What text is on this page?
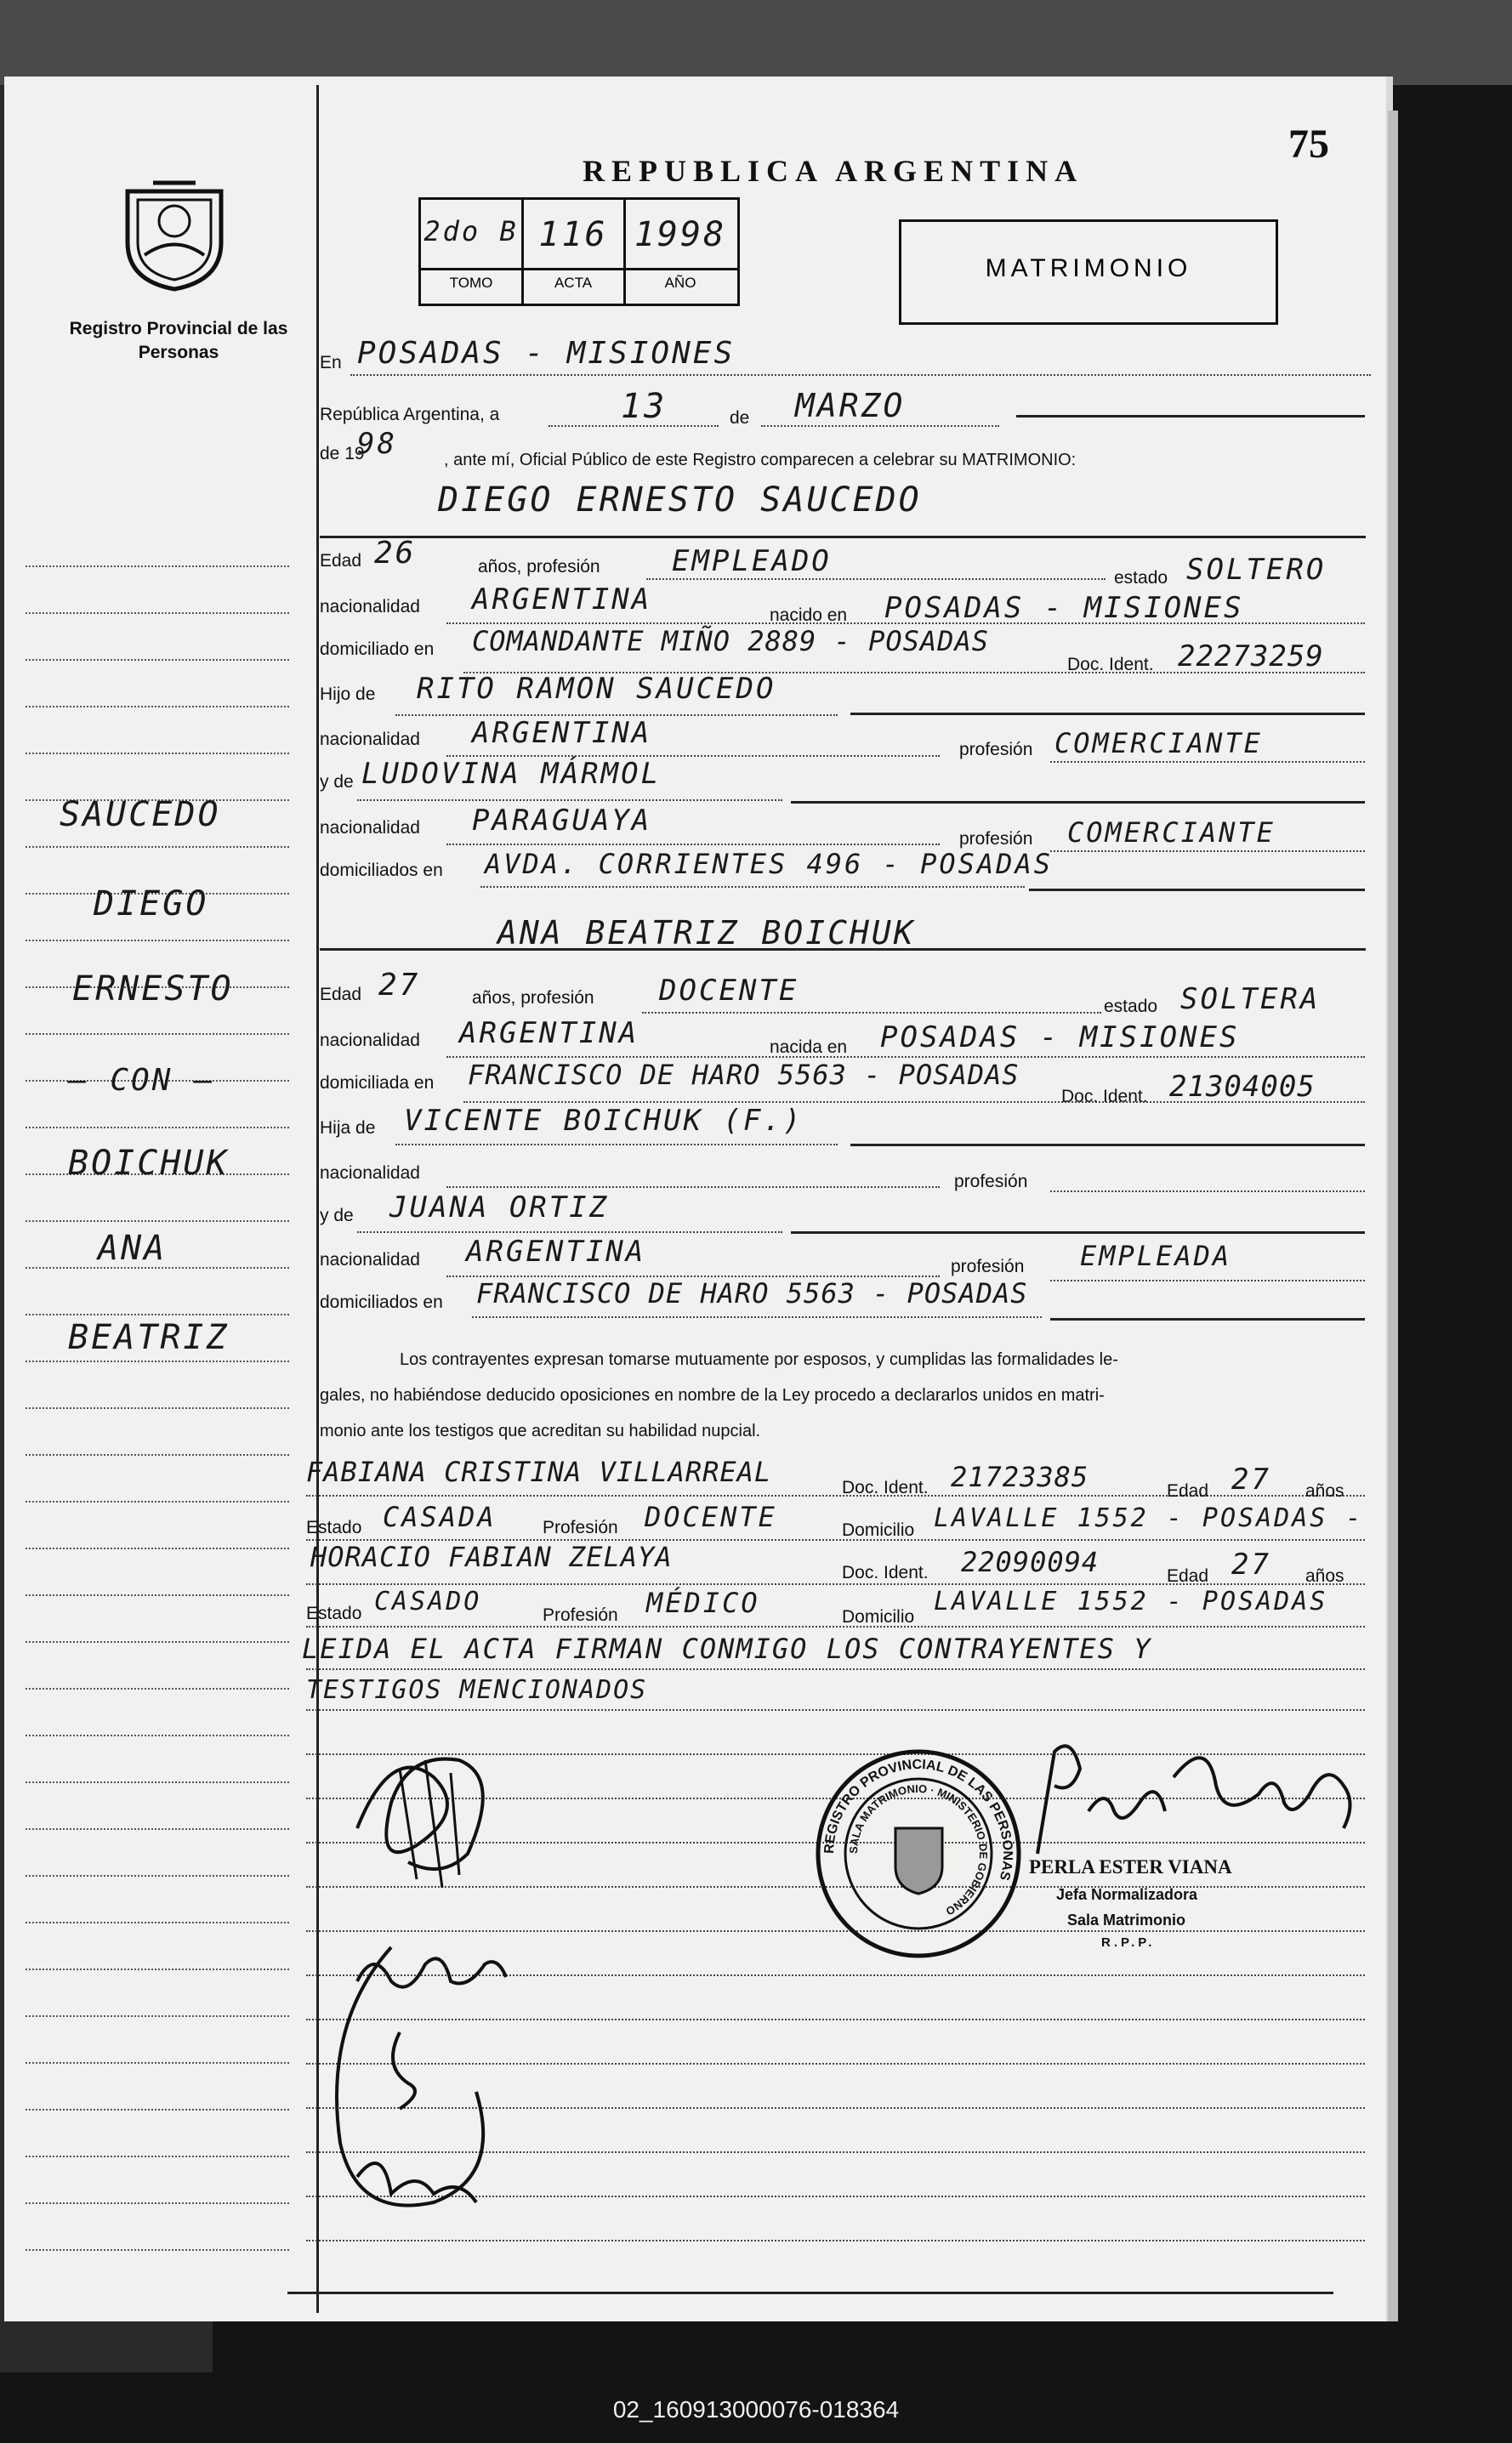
Registro Provincial de las Personas
SAUCEDO
DIEGO
ERNESTO
— CON —
BOICHUK
ANA
BEATRIZ
REPUBLICA ARGENTINA
75
2do B 116 1998
TOMO	ACTA	AÑO
MATRIMONIO
En POSADAS - MISIONES
República Argentina, a	13	de MARZO
de 19
98	, ante mí, Oficial Público de este Registro comparecen a celebrar su MATRIMONIO:
DIEGO ERNESTO SAUCEDO
Edad 26	años, profesión EMPLEADO	estado SOLTERO
nacionalidad ARGENTINA	nacido en POSADAS - MISIONES
domiciliado en COMANDANTE MIÑO 2889 - POSADAS
Doc. Ident. 22273259
Hijo de RITO RAMON SAUCEDO
nacionalidad ARGENTINA	profesión COMERCIANTE
y de LUDOVINA MÁRMOL
nacionalidad PARAGUAYA
profesión COMERCIANTE
domiciliados en AVDA. CORRIENTES 496 - POSADAS
ANA BEATRIZ BOICHUK
Edad 27	años, profesión DOCENTE	estado SOLTERA
nacionalidad ARGENTINA	nacida en POSADAS - MISIONES
domiciliada en FRANCISCO DE HARO 5563 - POSADAS
Doc. Ident. 21304005
Hija de VICENTE BOICHUK (F.)
nacionalidad	profesión
y de JUANA ORTIZ
nacionalidad ARGENTINA	profesión EMPLEADA
domiciliados en FRANCISCO DE HARO 5563 - POSADAS
Los contrayentes expresan tomarse mutuamente por esposos, y cumplidas las formalidades le-
gales, no habiéndose deducido oposiciones en nombre de la Ley procedo a declararlos unidos en matri-
monio ante los testigos que acreditan su habilidad nupcial.
FABIANA CRISTINA VILLARREAL	Doc. Ident. 21723385	Edad 27 años
Estado CASADA	Profesión DOCENTE	Domicilio LAVALLE 1552 - POSADAS -
HORACIO FABIAN ZELAYA	Doc. Ident. 22090094	Edad 27 años
Estado CASADO	Profesión MÉDICO	Domicilio
LAVALLE 1552 - POSADAS
LEIDA EL ACTA FIRMAN CONMIGO LOS CONTRAYENTES Y
TESTIGOS MENCIONADOS
REGISTRO PROVINCIAL DE LAS PERSONAS
SALA MATRIMONIO · MINISTERIO DE GOBIERNO
PERLA ESTER VIANA
Jefa Normalizadora
Sala Matrimonio
R.P.P.
02_160913000076-018364
